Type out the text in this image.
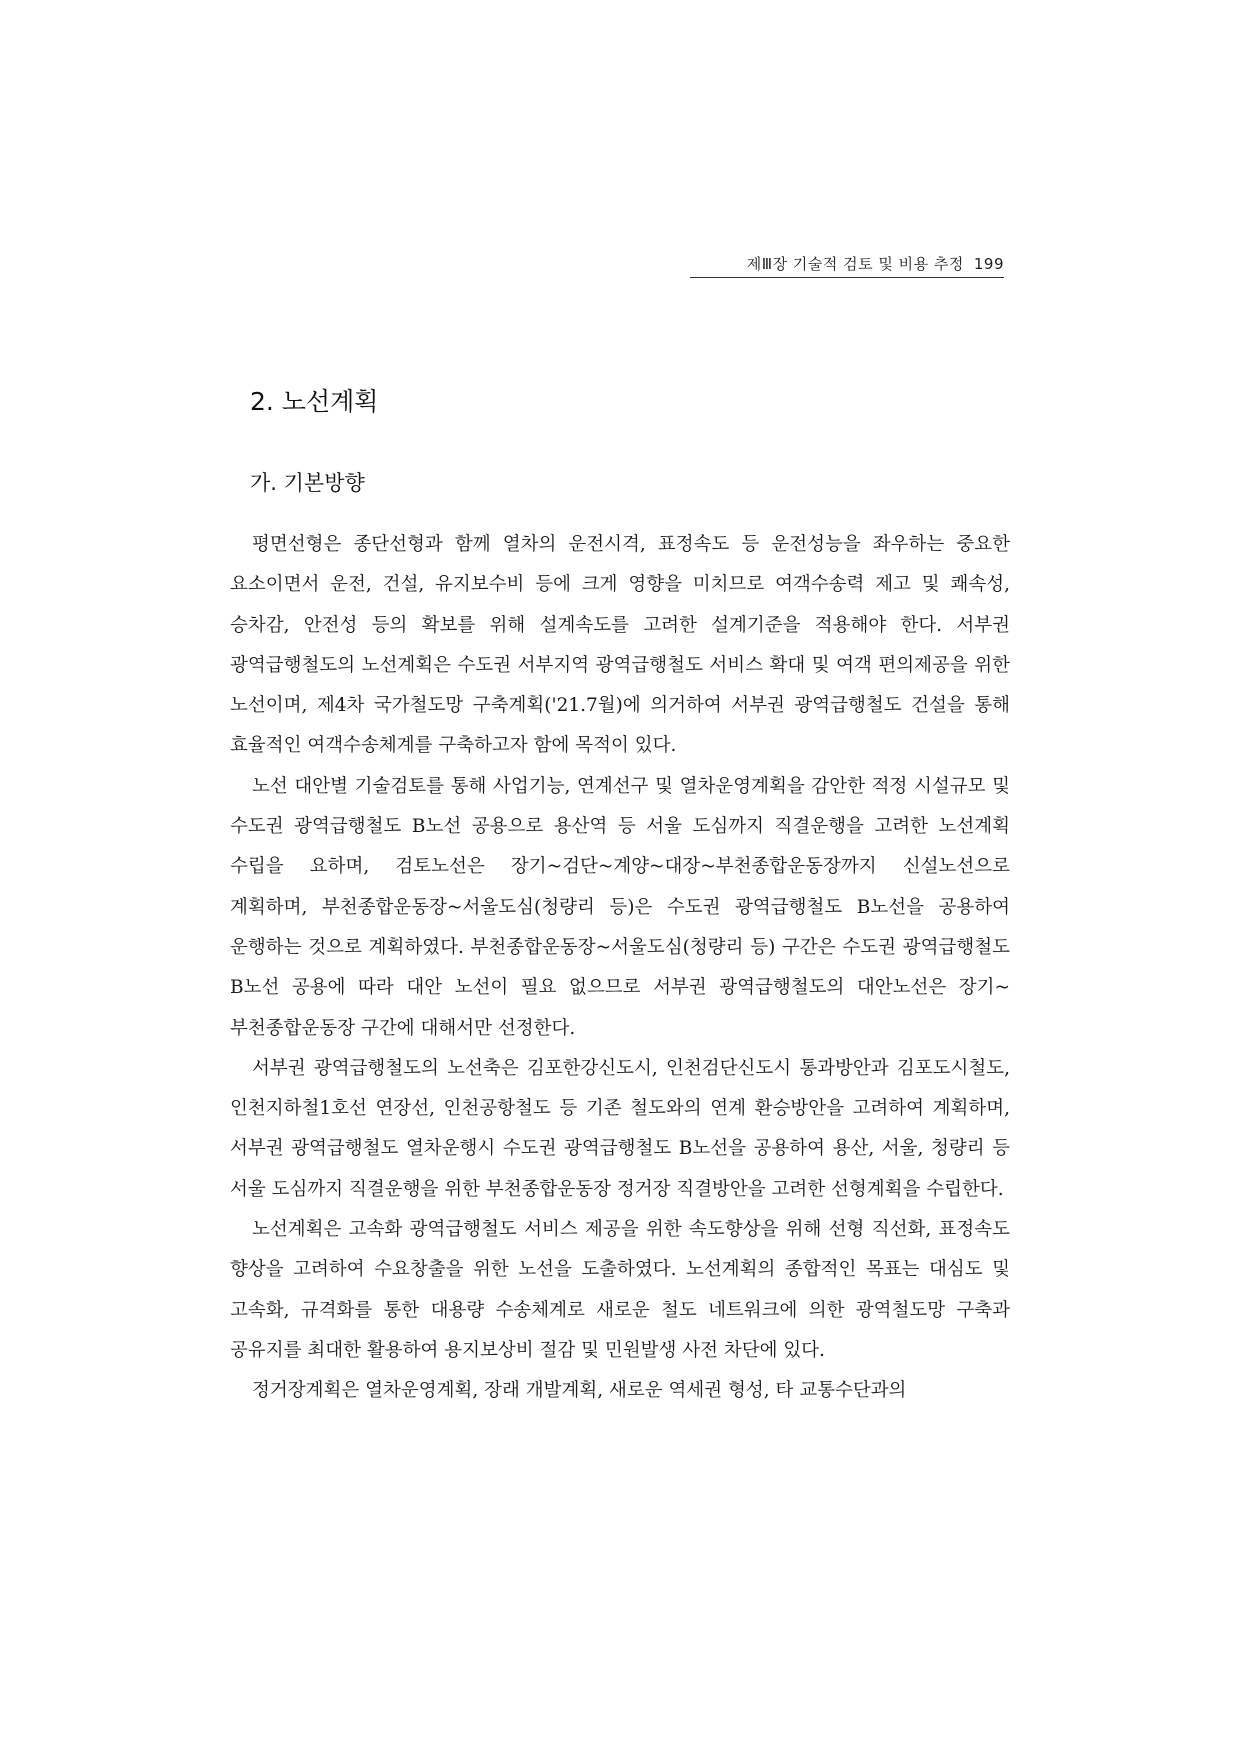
제Ⅲ장 기술적 검토 및 비용 추정 199
2. 노선계획
가. 기본방향

평면선형은 종단선형과 함께 열차의 운전시격, 표정속도 등 운전성능을 좌우하는 중요한 요소이면서 운전, 건설, 유지보수비 등에 크게 영향을 미치므로 여객수송력 제고 및 쾌속성, 승차감, 안전성 등의 확보를 위해 설계속도를 고려한 설계기준을 적용해야 한다. 서부권 광역급행철도의 노선계획은 수도권 서부지역 광역급행철도 서비스 확대 및 여객 편의제공을 위한 노선이며, 제4차 국가철도망 구축계획('21.7월)에 의거하여 서부권 광역급행철도 건설을 통해 효율적인 여객수송체계를 구축하고자 함에 목적이 있다.

노선 대안별 기술검토를 통해 사업기능, 연계선구 및 열차운영계획을 감안한 적정 시설규모 및 수도권 광역급행철도 B노선 공용으로 용산역 등 서울 도심까지 직결운행을 고려한 노선계획 수립을 요하며, 검토노선은 장기~검단~계양~대장~부천종합운동장까지 신설노선으로 계획하며, 부천종합운동장~서울도심(청량리 등)은 수도권 광역급행철도 B노선을 공용하여 운행하는 것으로 계획하였다. 부천종합운동장~서울도심(청량리 등) 구간은 수도권 광역급행철도 B노선 공용에 따라 대안 노선이 필요 없으므로 서부권 광역급행철도의 대안노선은 장기~부천종합운동장 구간에 대해서만 선정한다.

서부권 광역급행철도의 노선축은 김포한강신도시, 인천검단신도시 통과방안과 김포도시철도, 인천지하철1호선 연장선, 인천공항철도 등 기존 철도와의 연계 환승방안을 고려하여 계획하며, 서부권 광역급행철도 열차운행시 수도권 광역급행철도 B노선을 공용하여 용산, 서울, 청량리 등 서울 도심까지 직결운행을 위한 부천종합운동장 정거장 직결방안을 고려한 선형계획을 수립한다.

노선계획은 고속화 광역급행철도 서비스 제공을 위한 속도향상을 위해 선형 직선화, 표정속도 향상을 고려하여 수요창출을 위한 노선을 도출하였다. 노선계획의 종합적인 목표는 대심도 및 고속화, 규격화를 통한 대용량 수송체계로 새로운 철도 네트워크에 의한 광역철도망 구축과 공유지를 최대한 활용하여 용지보상비 절감 및 민원발생 사전 차단에 있다.

정거장계획은 열차운영계획, 장래 개발계획, 새로운 역세권 형성, 타 교통수단과의
